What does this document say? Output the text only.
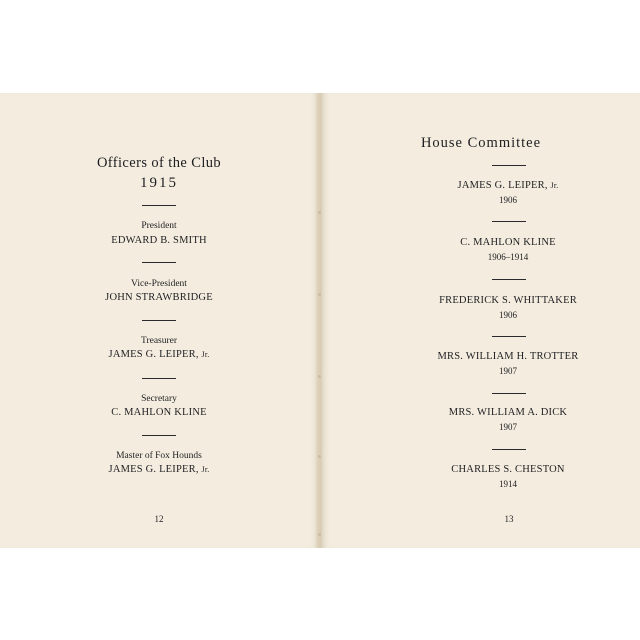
Officers of the Club
1915
President
EDWARD B. SMITH
Vice-President
JOHN STRAWBRIDGE
Treasurer
JAMES G. LEIPER, Jr.
Secretary
C. MAHLON KLINE
Master of Fox Hounds
JAMES G. LEIPER, Jr.
12
House Committee
JAMES G. LEIPER, Jr.
1906
C. MAHLON KLINE
1906–1914
FREDERICK S. WHITTAKER
1906
MRS. WILLIAM H. TROTTER
1907
MRS. WILLIAM A. DICK
1907
CHARLES S. CHESTON
1914
13
